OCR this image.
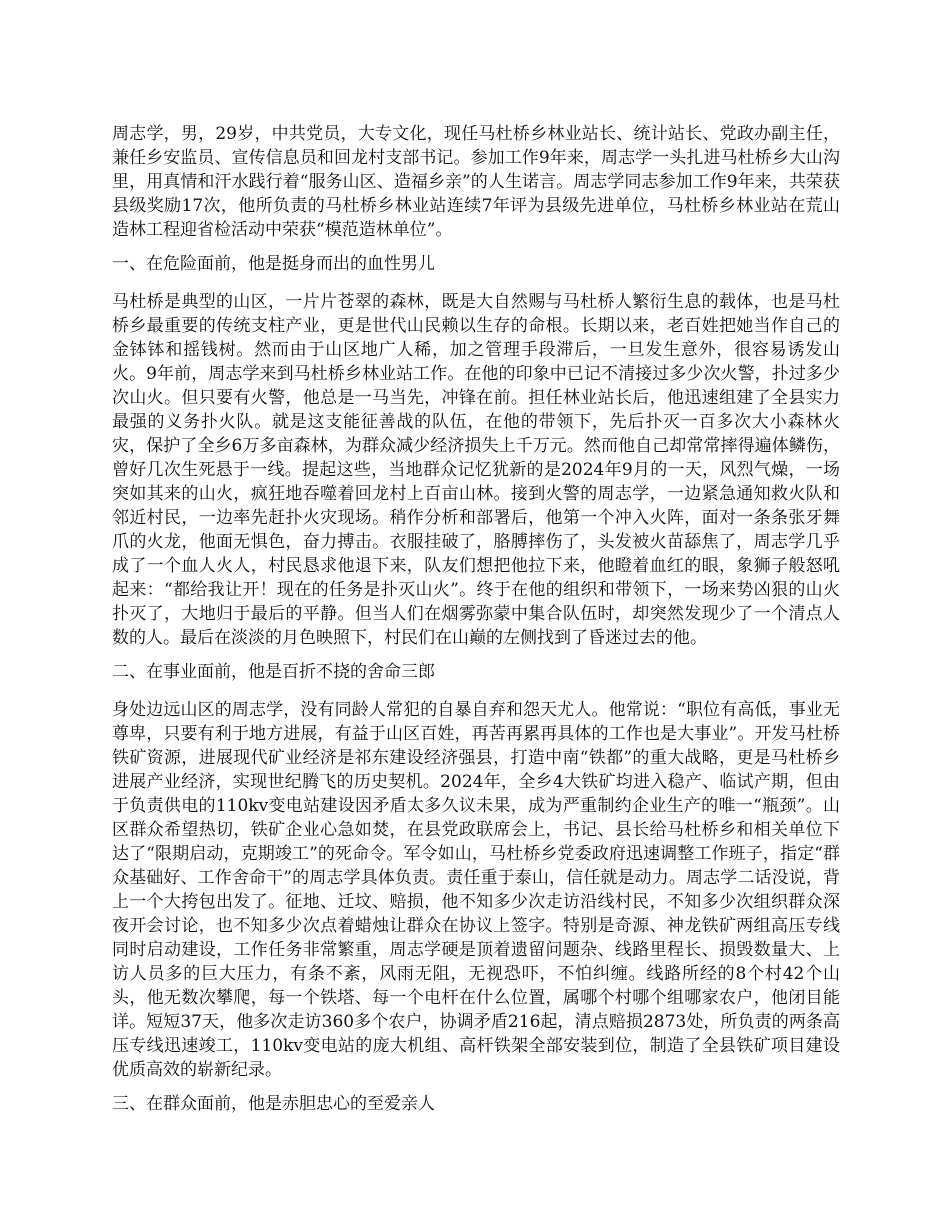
周志学，男，29岁，中共党员，大专文化，现任马杜桥乡林业站长、统计站长、党政办副主任，兼任乡安监员、宣传信息员和回龙村支部书记。参加工作9年来，周志学一头扎进马杜桥乡大山沟里，用真情和汗水践行着“服务山区、造福乡亲”的人生诺言。周志学同志参加工作9年来，共荣获县级奖励17次，他所负责的马杜桥乡林业站连续7年评为县级先进单位，马杜桥乡林业站在荒山造林工程迎省检活动中荣获“模范造林单位”。

一、在危险面前，他是挺身而出的血性男儿

马杜桥是典型的山区，一片片苍翠的森林，既是大自然赐与马杜桥人繁衍生息的载体，也是马杜桥乡最重要的传统支柱产业，更是世代山民赖以生存的命根。长期以来，老百姓把她当作自己的金钵钵和摇钱树。然而由于山区地广人稀，加之管理手段滞后，一旦发生意外，很容易诱发山火。9年前，周志学来到马杜桥乡林业站工作。在他的印象中已记不清接过多少次火警，扑过多少次山火。但只要有火警，他总是一马当先，冲锋在前。担任林业站长后，他迅速组建了全县实力最强的义务扑火队。就是这支能征善战的队伍，在他的带领下，先后扑灭一百多次大小森林火灾，保护了全乡6万多亩森林，为群众减少经济损失上千万元。然而他自己却常常摔得遍体鳞伤，曾好几次生死悬于一线。提起这些，当地群众记忆犹新的是2024年9月的一天，风烈气燥，一场突如其来的山火，疯狂地吞噬着回龙村上百亩山林。接到火警的周志学，一边紧急通知救火队和邻近村民，一边率先赶扑火灾现场。稍作分析和部署后，他第一个冲入火阵，面对一条条张牙舞爪的火龙，他面无惧色，奋力搏击。衣服挂破了，胳膊摔伤了，头发被火苗舔焦了，周志学几乎成了一个血人火人，村民恳求他退下来，队友们想把他拉下来，他瞪着血红的眼，象狮子般怒吼起来：“都给我让开！现在的任务是扑灭山火”。终于在他的组织和带领下，一场来势凶狠的山火扑灭了，大地归于最后的平静。但当人们在烟雾弥蒙中集合队伍时，却突然发现少了一个清点人数的人。最后在淡淡的月色映照下，村民们在山巅的左侧找到了昏迷过去的他。

二、在事业面前，他是百折不挠的舍命三郎

身处边远山区的周志学，没有同龄人常犯的自暴自弃和怨天尤人。他常说：“职位有高低，事业无尊卑，只要有利于地方进展，有益于山区百姓，再苦再累再具体的工作也是大事业”。开发马杜桥铁矿资源，进展现代矿业经济是祁东建设经济强县，打造中南“铁都”的重大战略，更是马杜桥乡进展产业经济，实现世纪腾飞的历史契机。2024年，全乡4大铁矿均进入稳产、临试产期，但由于负责供电的110kv变电站建设因矛盾太多久议未果，成为严重制约企业生产的唯一“瓶颈”。山区群众希望热切，铁矿企业心急如焚，在县党政联席会上，书记、县长给马杜桥乡和相关单位下达了“限期启动，克期竣工”的死命令。军令如山，马杜桥乡党委政府迅速调整工作班子，指定“群众基础好、工作舍命干”的周志学具体负责。责任重于泰山，信任就是动力。周志学二话没说，背上一个大挎包出发了。征地、迁坟、赔损，他不知多少次走访沿线村民，不知多少次组织群众深夜开会讨论，也不知多少次点着蜡烛让群众在协议上签字。特别是奇源、神龙铁矿两组高压专线同时启动建设，工作任务非常繁重，周志学硬是顶着遗留问题杂、线路里程长、损毁数量大、上访人员多的巨大压力，有条不紊，风雨无阻，无视恐吓，不怕纠缠。线路所经的8个村42个山头，他无数次攀爬，每一个铁塔、每一个电杆在什么位置，属哪个村哪个组哪家农户，他闭目能详。短短37天，他多次走访360多个农户，协调矛盾216起，清点赔损2873处，所负责的两条高压专线迅速竣工，110kv变电站的庞大机组、高杆铁架全部安装到位，制造了全县铁矿项目建设优质高效的崭新纪录。

三、在群众面前，他是赤胆忠心的至爱亲人
